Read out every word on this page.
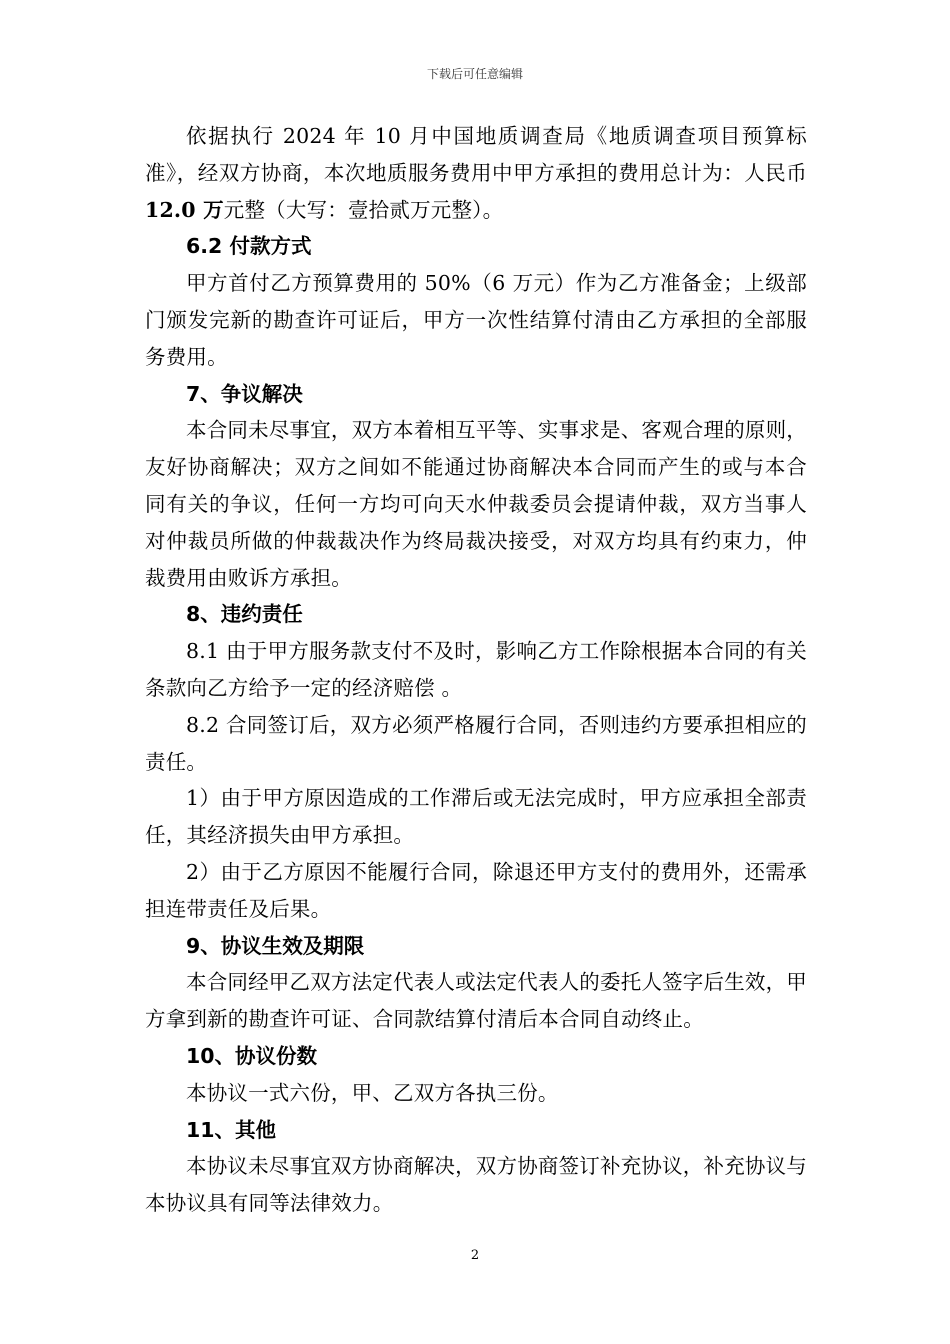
下载后可任意编辑

依据执行 2024 年 10 月中国地质调查局《地质调查项目预算标准》，经双方协商，本次地质服务费用中甲方承担的费用总计为：人民币 12.0 万元整（大写：壹拾贰万元整）。

6.2 付款方式

甲方首付乙方预算费用的 50%（6 万元）作为乙方准备金；上级部门颁发完新的勘查许可证后，甲方一次性结算付清由乙方承担的全部服务费用。

7、争议解决

本合同未尽事宜，双方本着相互平等、实事求是、客观合理的原则，友好协商解决；双方之间如不能通过协商解决本合同而产生的或与本合同有关的争议，任何一方均可向天水仲裁委员会提请仲裁，双方当事人对仲裁员所做的仲裁裁决作为终局裁决接受，对双方均具有约束力，仲裁费用由败诉方承担。

8、违约责任

8.1 由于甲方服务款支付不及时，影响乙方工作除根据本合同的有关条款向乙方给予一定的经济赔偿 。

8.2 合同签订后，双方必须严格履行合同，否则违约方要承担相应的责任。

1）由于甲方原因造成的工作滞后或无法完成时，甲方应承担全部责任，其经济损失由甲方承担。

2）由于乙方原因不能履行合同，除退还甲方支付的费用外，还需承担连带责任及后果。

9、协议生效及期限

本合同经甲乙双方法定代表人或法定代表人的委托人签字后生效，甲方拿到新的勘查许可证、合同款结算付清后本合同自动终止。

10、协议份数

本协议一式六份，甲、乙双方各执三份。

11、其他

本协议未尽事宜双方协商解决，双方协商签订补充协议，补充协议与本协议具有同等法律效力。

2
